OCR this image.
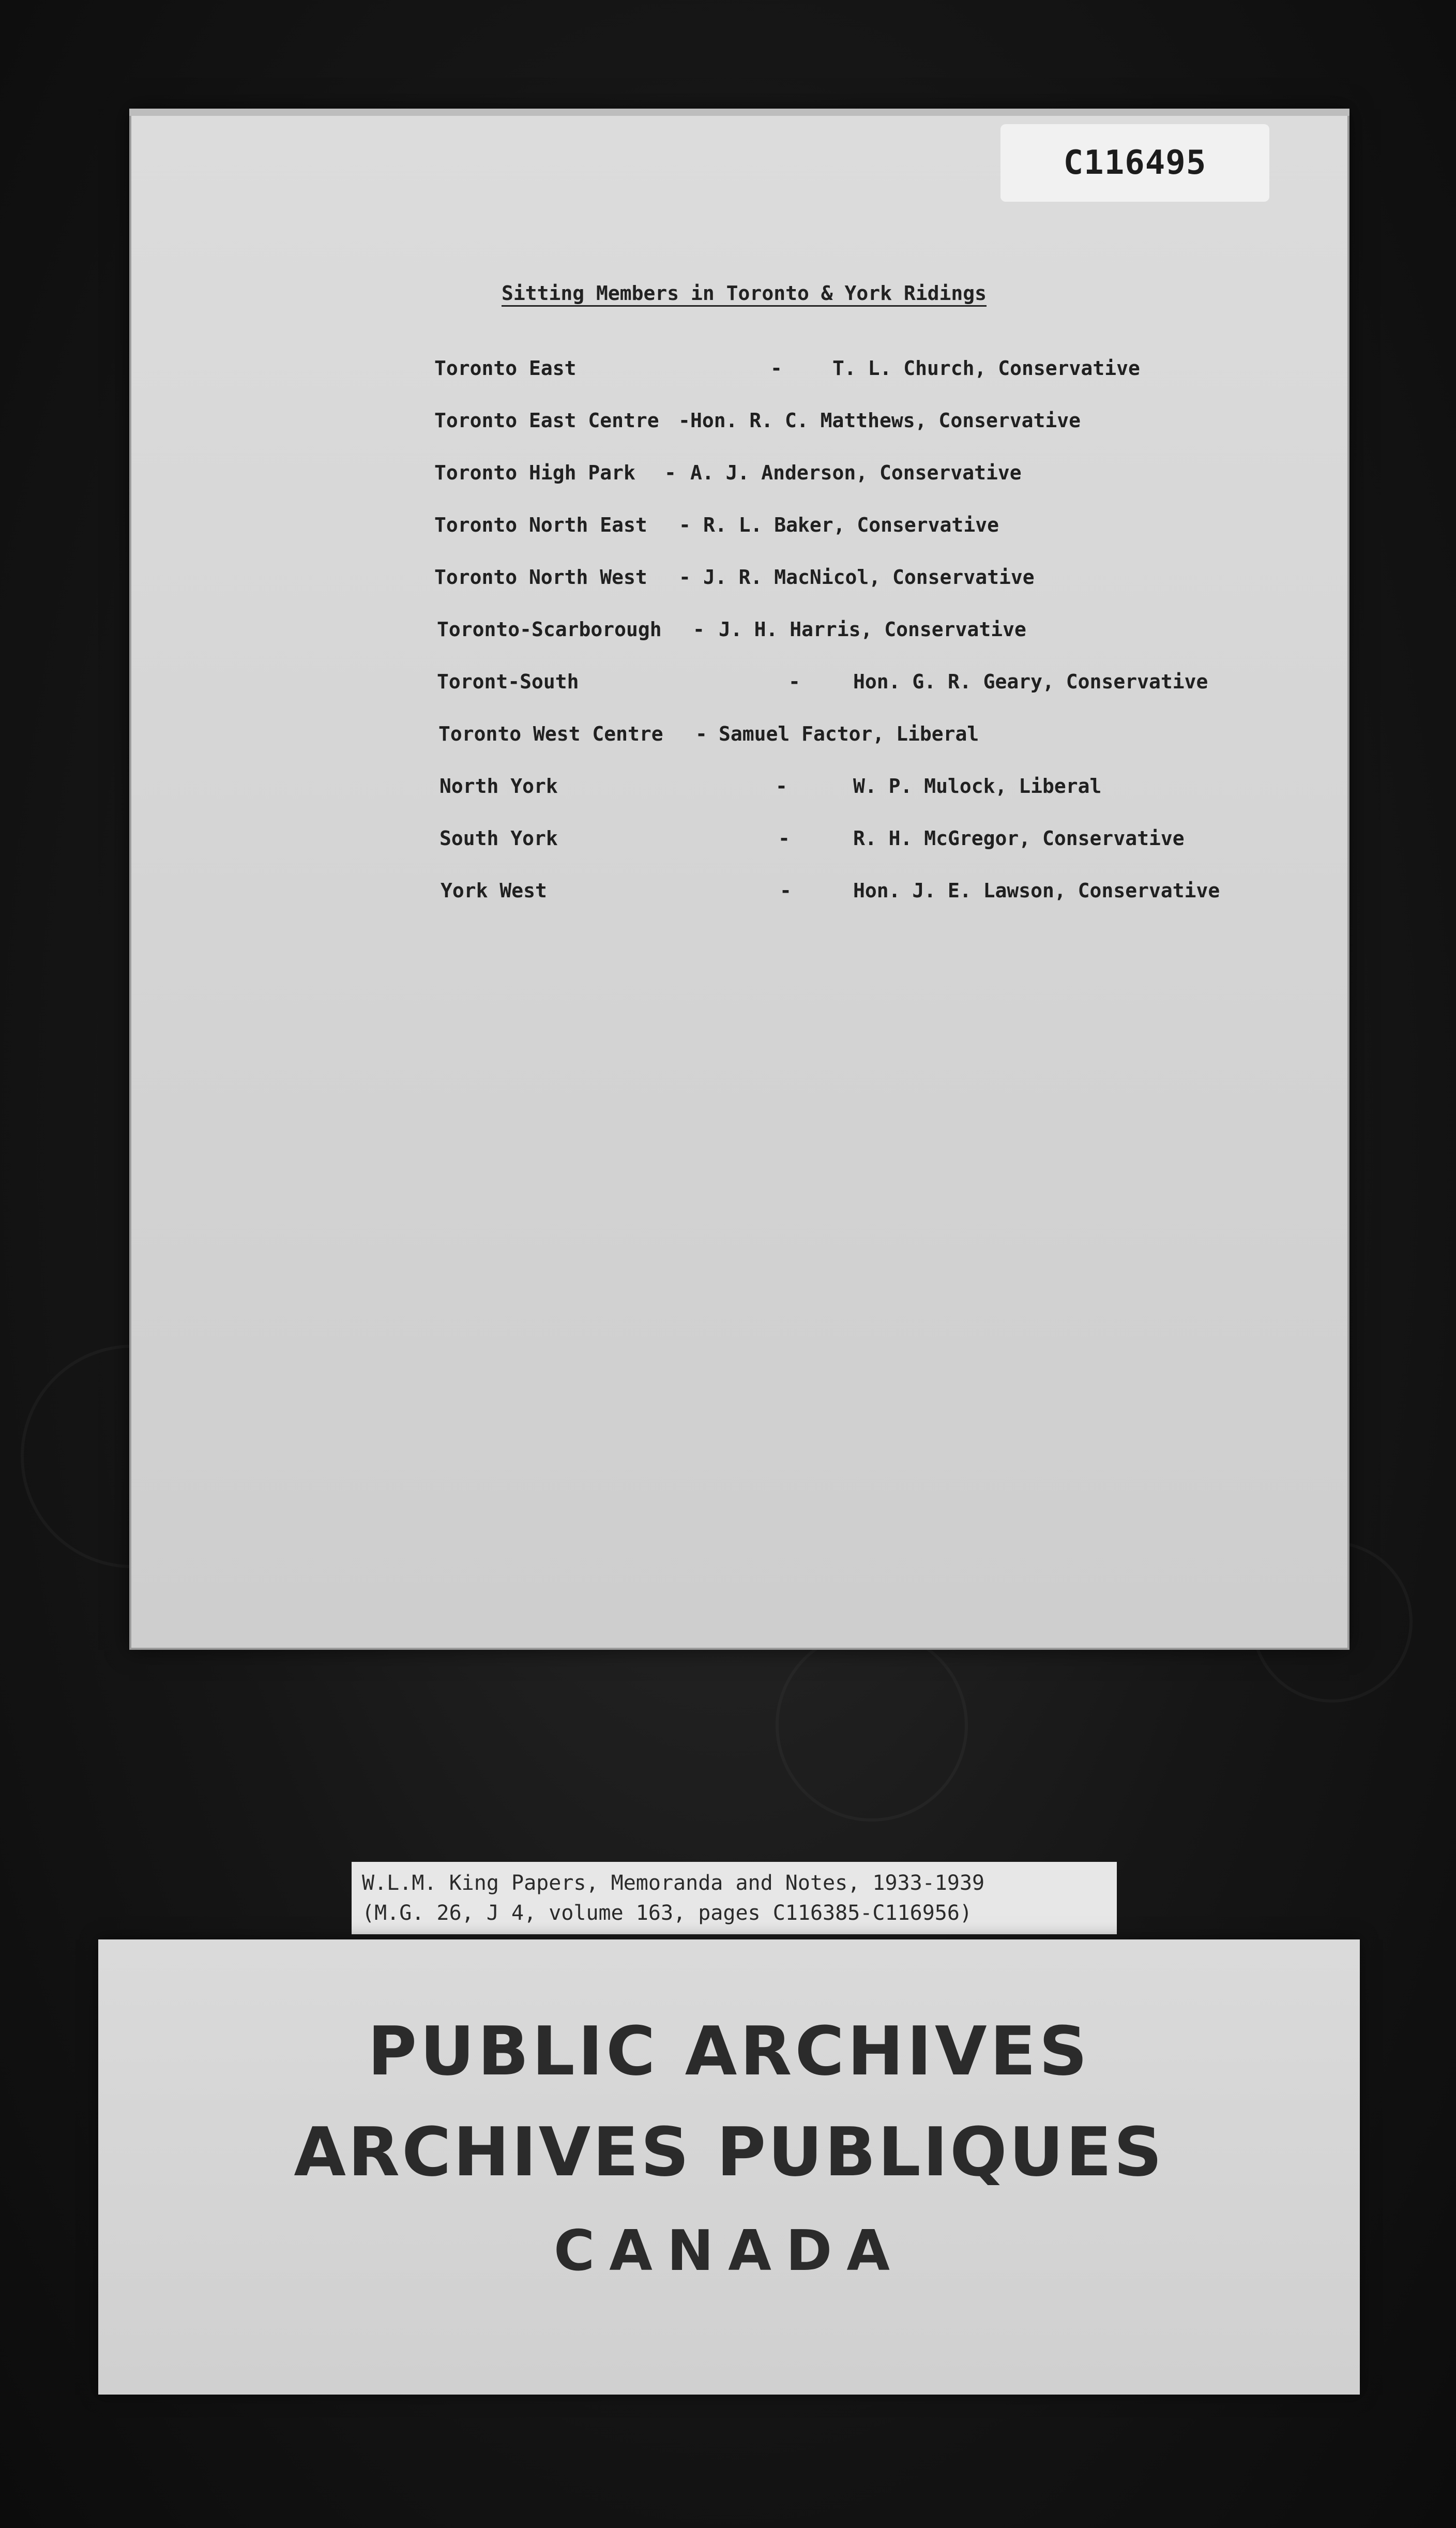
C116495
Sitting Members in Toronto & York Ridings
Toronto East	-	T. L. Church, Conservative
Toronto East Centre - Hon. R. C. Matthews, Conservative
Toronto High Park - A. J. Anderson, Conservative
Toronto North East - R. L. Baker, Conservative
Toronto North West - J. R. MacNicol, Conservative
Toronto-Scarborough - J. H. Harris, Conservative
Toront-South	-	Hon. G. R. Geary, Conservative
Toronto West Centre - Samuel Factor, Liberal
North York	-	W. P. Mulock, Liberal
South York	-	R. H. McGregor, Conservative
York West	-	Hon. J. E. Lawson, Conservative
W.L.M. King Papers, Memoranda and Notes, 1933-1939
(M.G. 26, J 4, volume 163, pages C116385-C116956)
PUBLIC ARCHIVES
ARCHIVES PUBLIQUES
CANADA
